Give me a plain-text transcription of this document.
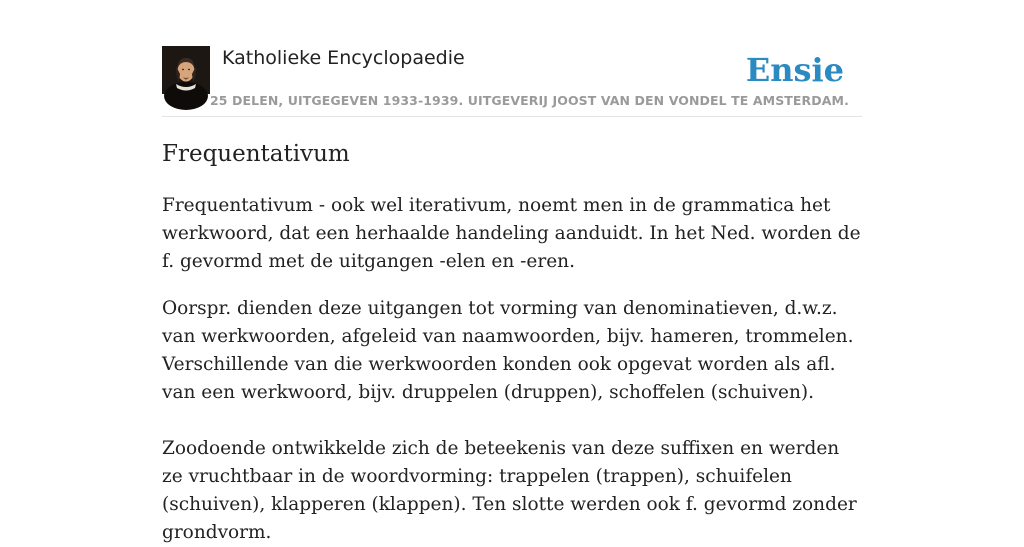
Katholieke Encyclopaedie
25 DELEN, UITGEGEVEN 1933-1939. UITGEVERIJ JOOST VAN DEN VONDEL TE AMSTERDAM.
Ensie
Frequentativum

Frequentativum - ook wel iterativum, noemt men in de grammatica het werkwoord, dat een herhaalde handeling aanduidt. In het Ned. worden de f. gevormd met de uitgangen -elen en -eren.

Oorspr. dienden deze uitgangen tot vorming van denominatieven, d.w.z. van werkwoorden, afgeleid van naamwoorden, bijv. hameren, trommelen. Verschillende van die werkwoorden konden ook opgevat worden als afl. van een werkwoord, bijv. druppelen (druppen), schoffelen (schuiven).

Zoodoende ontwikkelde zich de beteekenis van deze suffixen en werden ze vruchtbaar in de woordvorming: trappelen (trappen), schuifelen (schuiven), klapperen (klappen). Ten slotte werden ook f. gevormd zonder grondvorm.
